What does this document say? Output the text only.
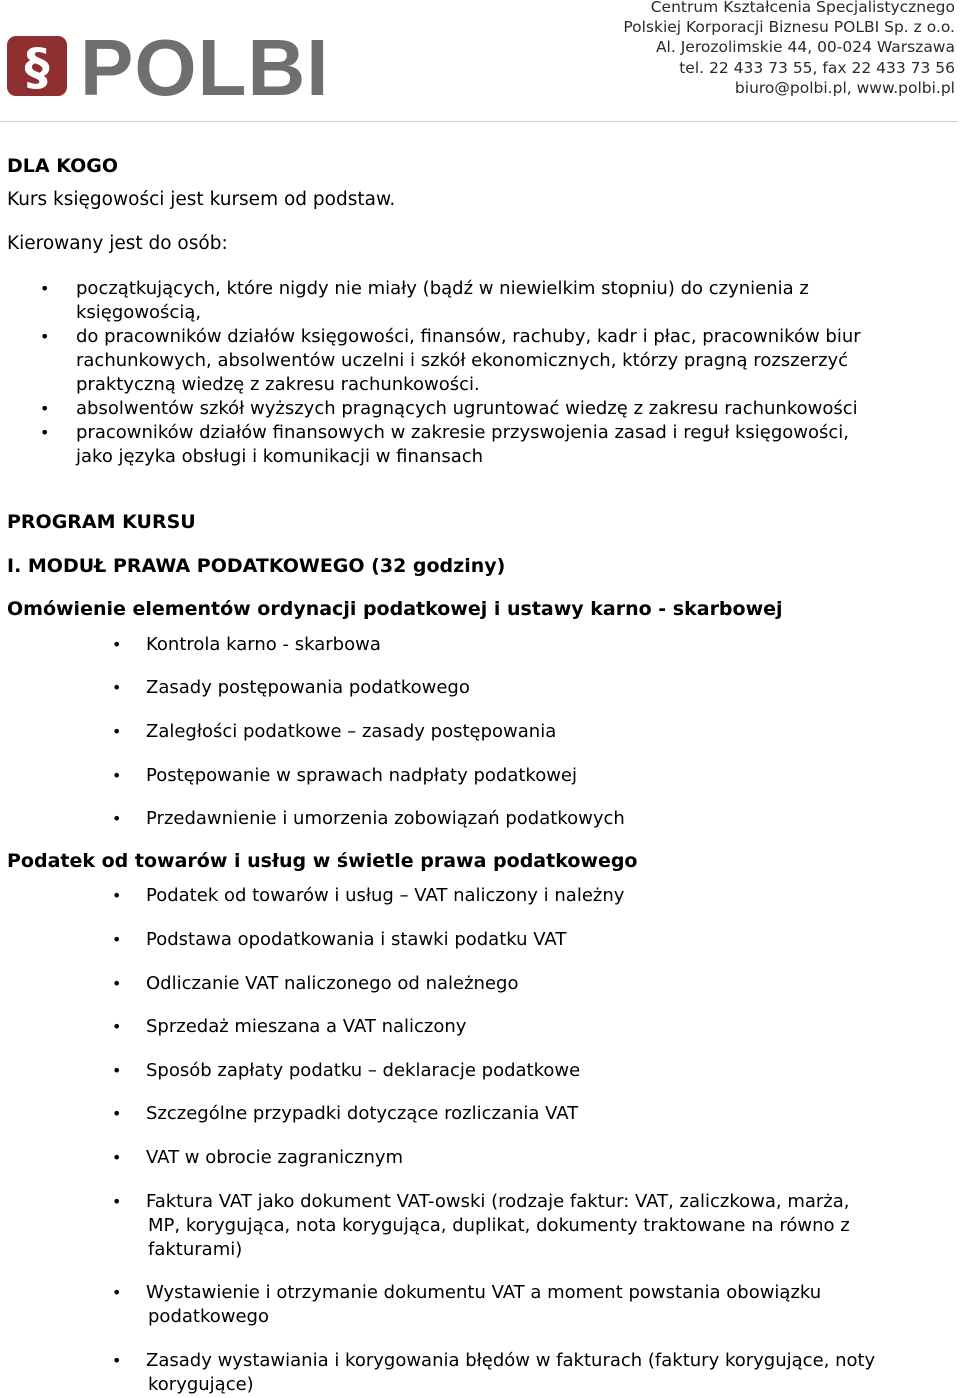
§ POLBI
Centrum Kształcenia Specjalistycznego
Polskiej Korporacji Biznesu POLBI Sp. z o.o.
Al. Jerozolimskie 44, 00-024 Warszawa
tel. 22 433 73 55, fax 22 433 73 56
biuro@polbi.pl, www.polbi.pl
DLA KOGO
Kurs księgowości jest kursem od podstaw.
Kierowany jest do osób:
• początkujących, które nigdy nie miały (bądź w niewielkim stopniu) do czynienia z
księgowością,
• do pracowników działów księgowości, finansów, rachuby, kadr i płac, pracowników biur
rachunkowych, absolwentów uczelni i szkół ekonomicznych, którzy pragną rozszerzyć
praktyczną wiedzę z zakresu rachunkowości.
• absolwentów szkół wyższych pragnących ugruntować wiedzę z zakresu rachunkowości
• pracowników działów finansowych w zakresie przyswojenia zasad i reguł księgowości,
jako języka obsługi i komunikacji w finansach
PROGRAM KURSU
I. MODUŁ PRAWA PODATKOWEGO (32 godziny)
Omówienie elementów ordynacji podatkowej i ustawy karno - skarbowej
• Kontrola karno - skarbowa
• Zasady postępowania podatkowego
• Zaległości podatkowe – zasady postępowania
• Postępowanie w sprawach nadpłaty podatkowej
• Przedawnienie i umorzenia zobowiązań podatkowych
Podatek od towarów i usług w świetle prawa podatkowego
• Podatek od towarów i usług – VAT naliczony i należny
• Podstawa opodatkowania i stawki podatku VAT
• Odliczanie VAT naliczonego od należnego
• Sprzedaż mieszana a VAT naliczony
• Sposób zapłaty podatku – deklaracje podatkowe
• Szczególne przypadki dotyczące rozliczania VAT
• VAT w obrocie zagranicznym
• Faktura VAT jako dokument VAT-owski (rodzaje faktur: VAT, zaliczkowa, marża,
MP, korygująca, nota korygująca, duplikat, dokumenty traktowane na równo z
fakturami)
• Wystawienie i otrzymanie dokumentu VAT a moment powstania obowiązku
podatkowego
• Zasady wystawiania i korygowania błędów w fakturach (faktury korygujące, noty
korygujące)
